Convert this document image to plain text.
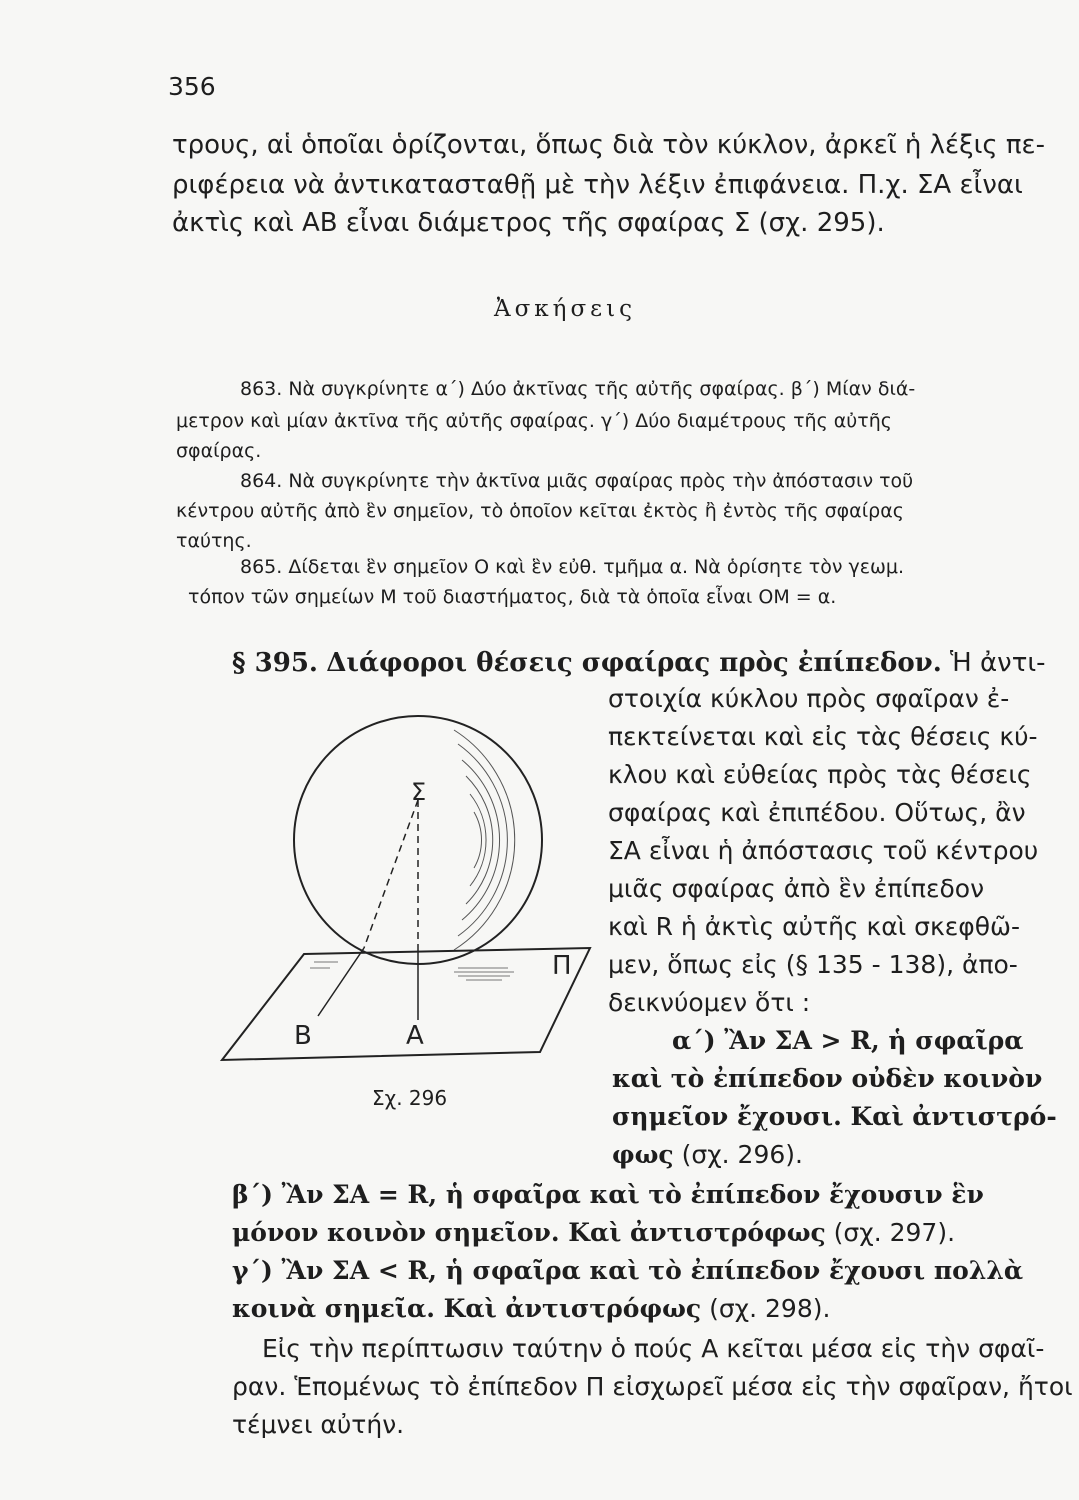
356
τρους, αἱ ὁποῖαι ὁρίζονται, ὅπως διὰ τὸν κύκλον, ἀρκεῖ ἡ λέξις πε-
ριφέρεια νὰ ἀντικατασταθῇ μὲ τὴν λέξιν ἐπιφάνεια. Π.χ. ΣΑ εἶναι
ἀκτὶς καὶ ΑΒ εἶναι διάμετρος τῆς σφαίρας Σ (σχ. 295).
Ἀσκήσεις
863. Νὰ συγκρίνητε α΄) Δύο ἀκτῖνας τῆς αὐτῆς σφαίρας. β΄) Μίαν διά-
μετρον καὶ μίαν ἀκτῖνα τῆς αὐτῆς σφαίρας. γ΄) Δύο διαμέτρους τῆς αὐτῆς
σφαίρας.
864. Νὰ συγκρίνητε τὴν ἀκτῖνα μιᾶς σφαίρας πρὸς τὴν ἀπόστασιν τοῦ
κέντρου αὐτῆς ἀπὸ ἓν σημεῖον, τὸ ὁποῖον κεῖται ἐκτὸς ἢ ἐντὸς τῆς σφαίρας
ταύτης.
865. Δίδεται ἓν σημεῖον Ο καὶ ἓν εὐθ. τμῆμα α. Νὰ ὁρίσητε τὸν γεωμ.
τόπον τῶν σημείων Μ τοῦ διαστήματος, διὰ τὰ ὁποῖα εἶναι ΟΜ = α.
§ 395. Διάφοροι θέσεις σφαίρας πρὸς ἐπίπεδον. Ἡ ἀντι-
Σ
Π
Β	Α
Σχ. 296
στοιχία κύκλου πρὸς σφαῖραν ἐ-
πεκτείνεται καὶ εἰς τὰς θέσεις κύ-
κλου καὶ εὐθείας πρὸς τὰς θέσεις
σφαίρας καὶ ἐπιπέδου. Οὕτως, ἂν
ΣΑ εἶναι ἡ ἀπόστασις τοῦ κέντρου
μιᾶς σφαίρας ἀπὸ ἓν ἐπίπεδον
καὶ R ἡ ἀκτὶς αὐτῆς καὶ σκεφθῶ-
μεν, ὅπως εἰς (§ 135 - 138), ἀπο-
δεικνύομεν ὅτι :
α΄) Ἂν ΣΑ > R, ἡ σφαῖρα
καὶ τὸ ἐπίπεδον οὐδὲν κοινὸν
σημεῖον ἔχουσι. Καὶ ἀντιστρό-
φως (σχ. 296).
β΄) Ἂν ΣΑ = R, ἡ σφαῖρα καὶ τὸ ἐπίπεδον ἔχουσιν ἓν
μόνον κοινὸν σημεῖον. Καὶ ἀντιστρόφως (σχ. 297).
γ΄) Ἂν ΣΑ < R, ἡ σφαῖρα καὶ τὸ ἐπίπεδον ἔχουσι πολλὰ
κοινὰ σημεῖα. Καὶ ἀντιστρόφως (σχ. 298).
Εἰς τὴν περίπτωσιν ταύτην ὁ πούς Α κεῖται μέσα εἰς τὴν σφαῖ-
ραν. Ἑπομένως τὸ ἐπίπεδον Π εἰσχωρεῖ μέσα εἰς τὴν σφαῖραν, ἤτοι
τέμνει αὐτήν.
